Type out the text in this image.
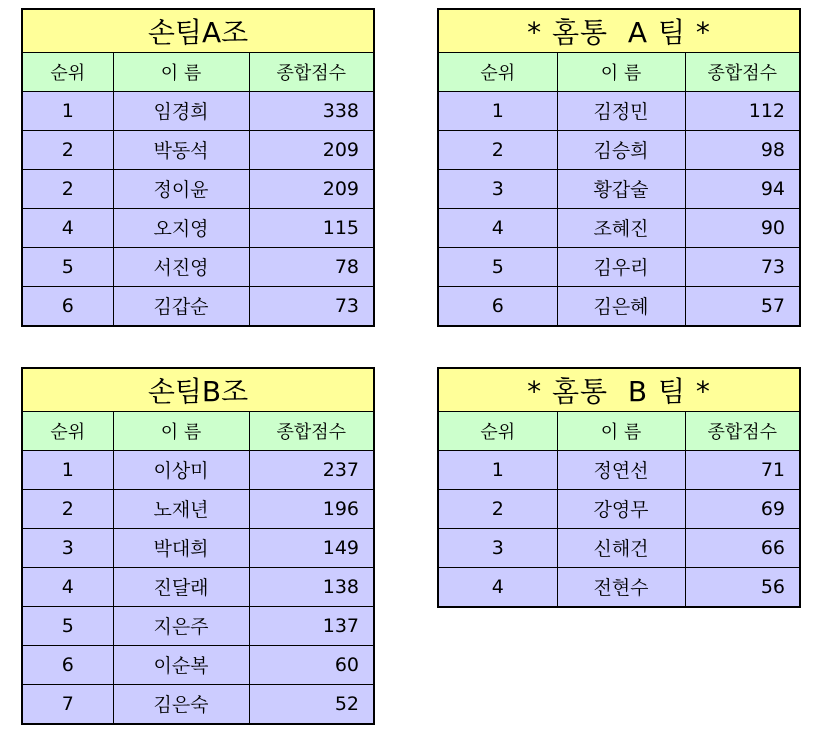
손팀A조		
순위	이 름	종합점수
1	임경희	338
2	박동석	209
2	정이윤	209
4	오지영	115
5	서진영	78
6	김갑순	73
* 홈통  A 팀 *		
순위	이 름	종합점수
1	김정민	112
2	김승희	98
3	황갑술	94
4	조혜진	90
5	김우리	73
6	김은혜	57
손팀B조		
순위	이 름	종합점수
1	이상미	237
2	노재년	196
3	박대희	149
4	진달래	138
5	지은주	137
6	이순복	60
7	김은숙	52
* 홈통  B 팀 *		
순위	이 름	종합점수
1	정연선	71
2	강영무	69
3	신해건	66
4	전현수	56
